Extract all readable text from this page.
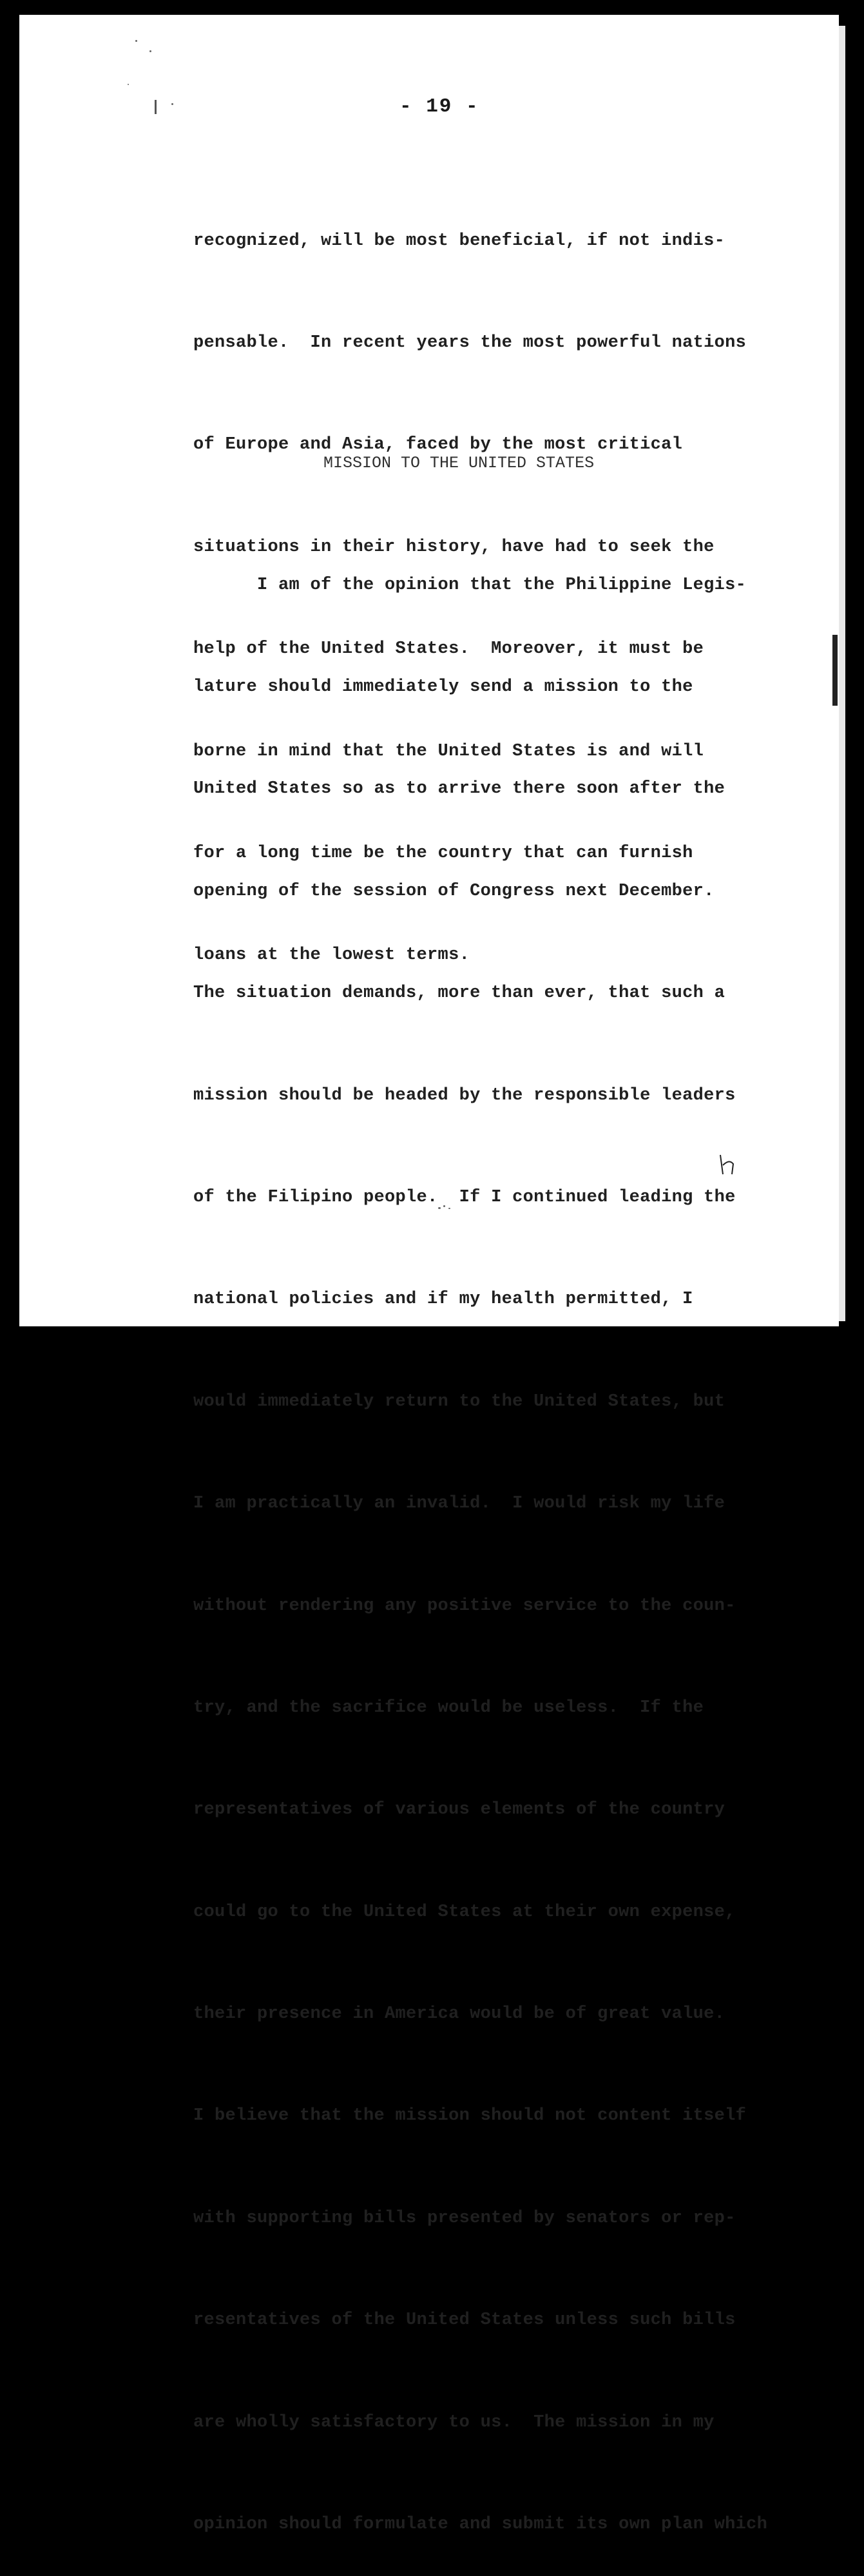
- 19 -

recognized, will be most beneficial, if not indis-

pensable.  In recent years the most powerful nations

of Europe and Asia, faced by the most critical

situations in their history, have had to seek the

help of the United States.  Moreover, it must be

borne in mind that the United States is and will

for a long time be the country that can furnish

loans at the lowest terms.

MISSION TO THE UNITED STATES

I am of the opinion that the Philippine Legis-

lature should immediately send a mission to the

United States so as to arrive there soon after the

opening of the session of Congress next December.

The situation demands, more than ever, that such a

mission should be headed by the responsible leaders

of the Filipino people.  If I continued leading the

national policies and if my health permitted, I

would immediately return to the United States, but

I am practically an invalid.  I would risk my life

without rendering any positive service to the coun-

try, and the sacrifice would be useless.  If the

representatives of various elements of the country

could go to the United States at their own expense,

their presence in America would be of great value.

I believe that the mission should not content itself

with supporting bills presented by senators or rep-

resentatives of the United States unless such bills

are wholly satisfactory to us.  The mission in my

opinion should formulate and submit its own plan which
